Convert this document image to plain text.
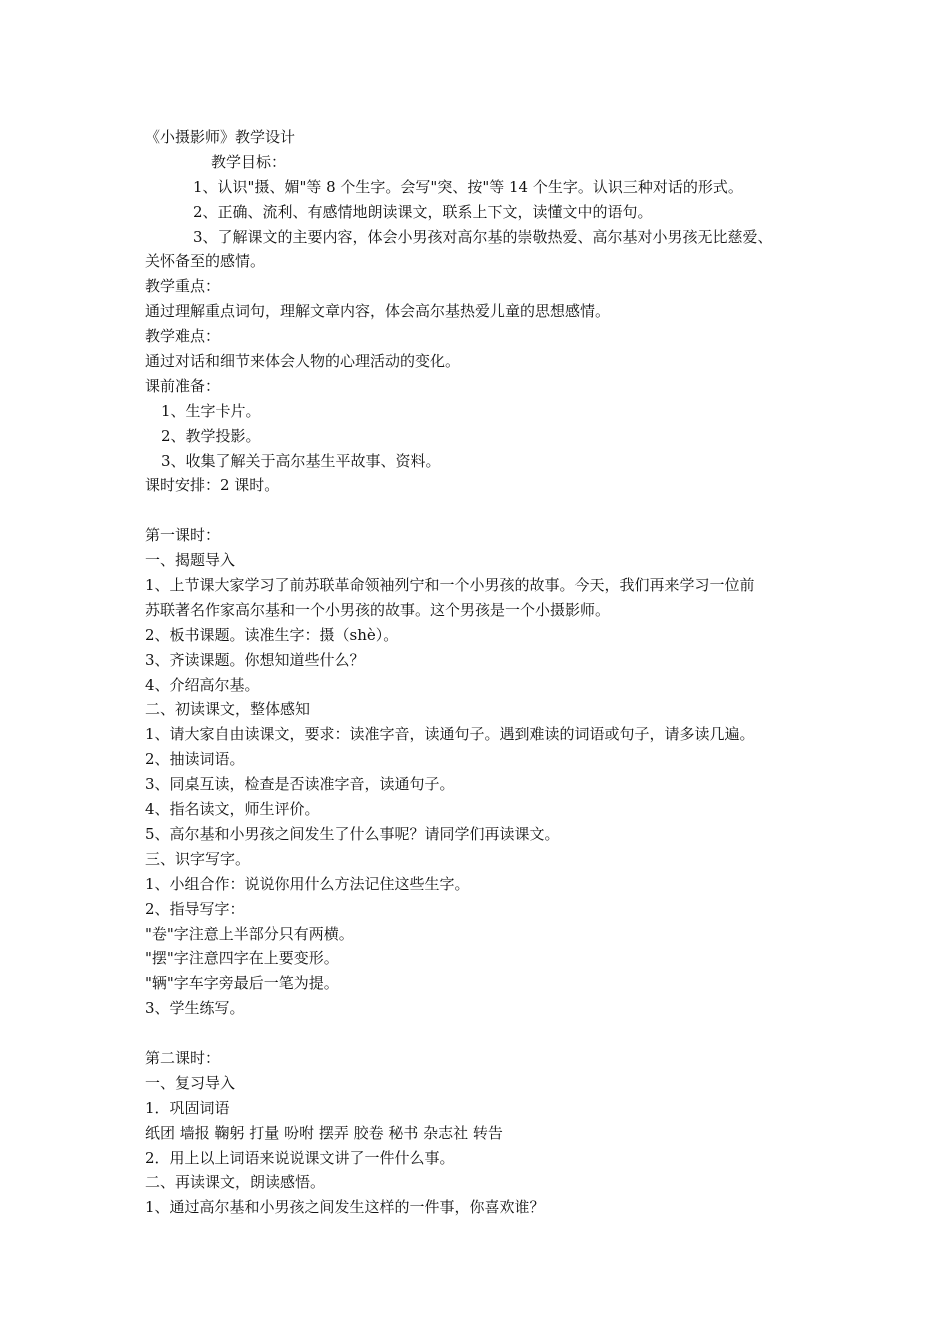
《小摄影师》教学设计
教学目标：
1、认识"摄、媚"等 8 个生字。会写"突、按"等 14 个生字。认识三种对话的形式。
2、正确、流利、有感情地朗读课文，联系上下文，读懂文中的语句。
3、了解课文的主要内容，体会小男孩对高尔基的崇敬热爱、高尔基对小男孩无比慈爱、
关怀备至的感情。
教学重点：
通过理解重点词句，理解文章内容，体会高尔基热爱儿童的思想感情。
教学难点：
通过对话和细节来体会人物的心理活动的变化。
课前准备：
1、生字卡片。
2、教学投影。
3、收集了解关于高尔基生平故事、资料。
课时安排：2 课时。
第一课时：
一、揭题导入
1、上节课大家学习了前苏联革命领袖列宁和一个小男孩的故事。今天，我们再来学习一位前
苏联著名作家高尔基和一个小男孩的故事。这个男孩是一个小摄影师。
2、板书课题。读准生字：摄（shè）。
3、齐读课题。你想知道些什么？
4、介绍高尔基。
二、初读课文，整体感知
1、请大家自由读课文，要求：读准字音，读通句子。遇到难读的词语或句子，请多读几遍。
2、抽读词语。
3、同桌互读，检查是否读准字音，读通句子。
4、指名读文，师生评价。
5、高尔基和小男孩之间发生了什么事呢？请同学们再读课文。
三、识字写字。
1、小组合作：说说你用什么方法记住这些生字。
2、指导写字：
"卷"字注意上半部分只有两横。
"摆"字注意四字在上要变形。
"辆"字车字旁最后一笔为提。
3、学生练写。
第二课时：
一、复习导入
1．巩固词语
纸团 墙报 鞠躬 打量 吩咐 摆弄 胶卷 秘书 杂志社 转告
2．用上以上词语来说说课文讲了一件什么事。
二、再读课文，朗读感悟。
1、通过高尔基和小男孩之间发生这样的一件事，你喜欢谁？
